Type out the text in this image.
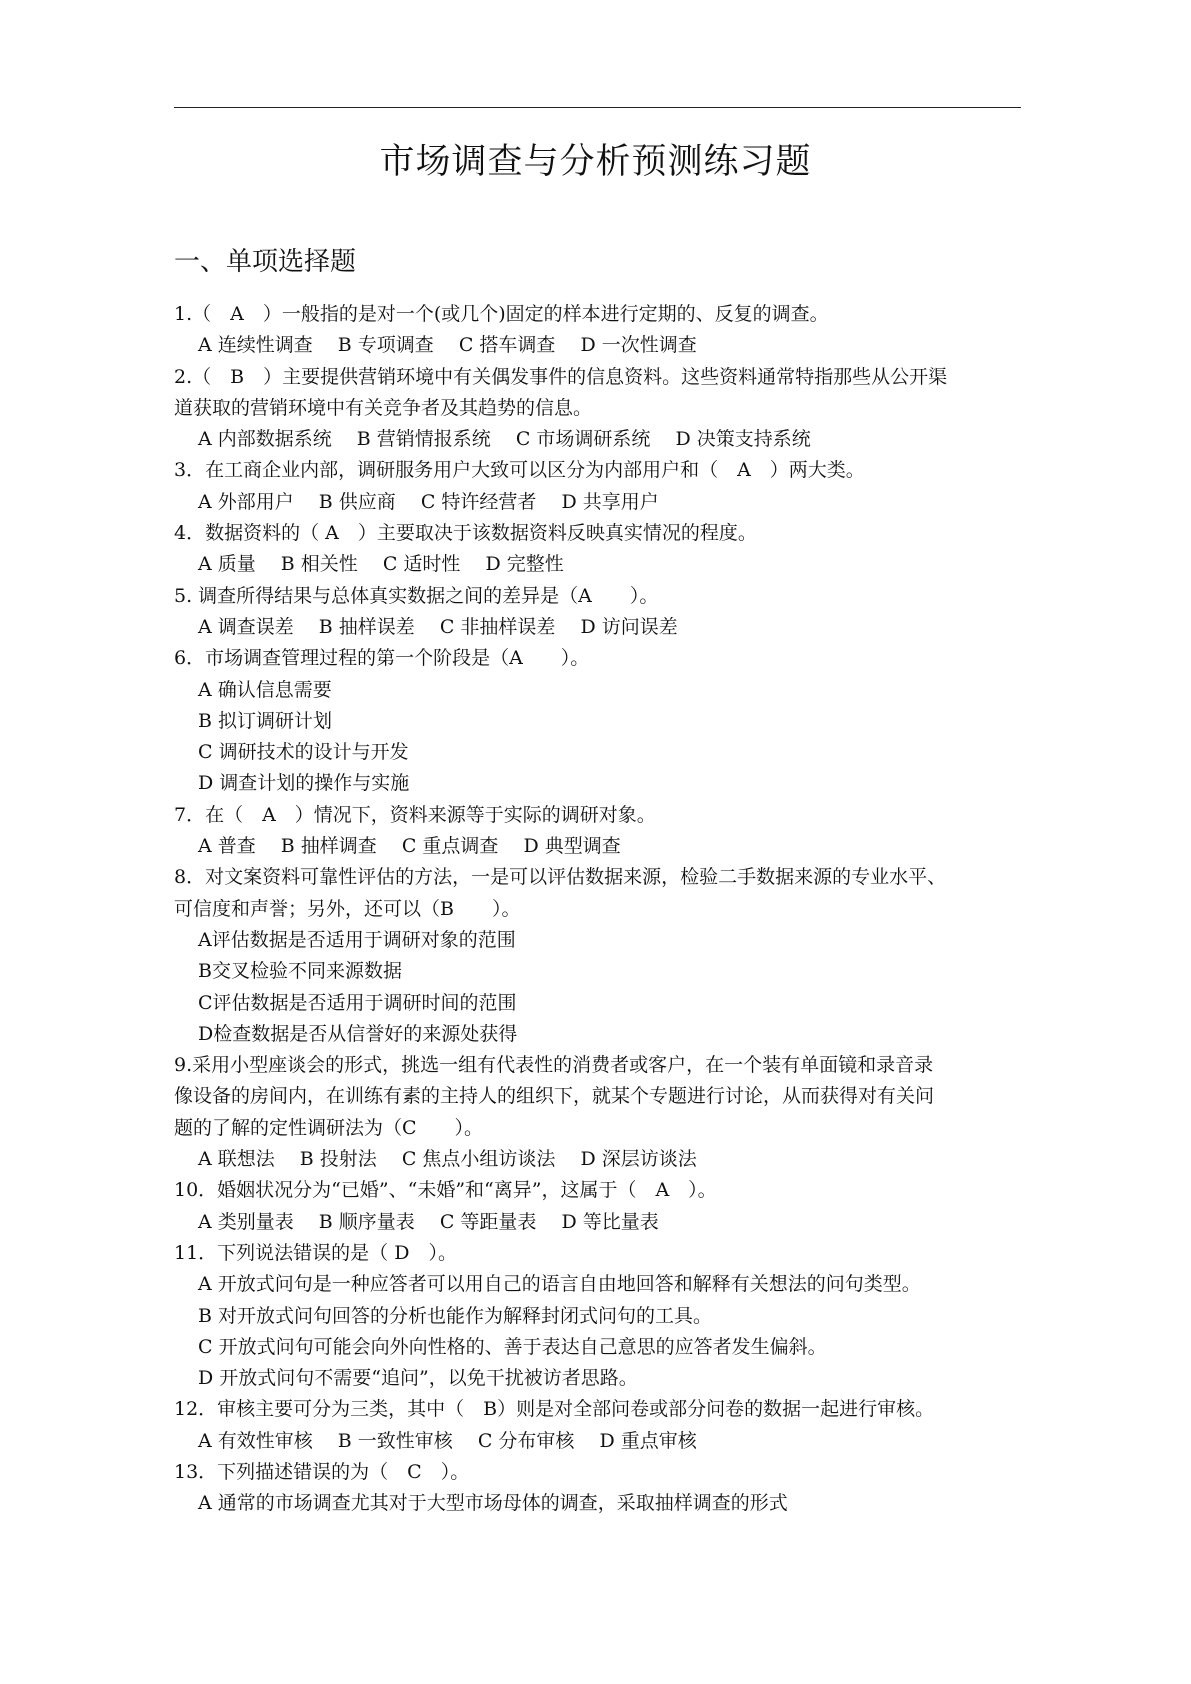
市场调查与分析预测练习题
一、单项选择题
1.（　A　）一般指的是对一个(或几个)固定的样本进行定期的、反复的调查。
A 连续性调查　 B 专项调查　 C 搭车调查　 D 一次性调查
2.（　B　）主要提供营销环境中有关偶发事件的信息资料。这些资料通常特指那些从公开渠
道获取的营销环境中有关竞争者及其趋势的信息。
A 内部数据系统　 B 营销情报系统　 C 市场调研系统　 D 决策支持系统
3．在工商企业内部，调研服务用户大致可以区分为内部用户和（　A　）两大类。
A 外部用户　 B 供应商　 C 特许经营者　 D 共享用户
4．数据资料的（ A　）主要取决于该数据资料反映真实情况的程度。
A 质量　 B 相关性　 C 适时性　 D 完整性
5. 调查所得结果与总体真实数据之间的差异是（A　　）。
A 调查误差　 B 抽样误差　 C 非抽样误差　 D 访问误差
6．市场调查管理过程的第一个阶段是（A　　）。
A 确认信息需要
B 拟订调研计划
C 调研技术的设计与开发
D 调查计划的操作与实施
7．在（　A　）情况下，资料来源等于实际的调研对象。
A 普查　 B 抽样调查　 C 重点调查　 D 典型调查
8．对文案资料可靠性评估的方法，一是可以评估数据来源，检验二手数据来源的专业水平、
可信度和声誉；另外，还可以（B　　）。
A评估数据是否适用于调研对象的范围
B交叉检验不同来源数据
C评估数据是否适用于调研时间的范围
D检查数据是否从信誉好的来源处获得
9.采用小型座谈会的形式，挑选一组有代表性的消费者或客户，在一个装有单面镜和录音录
像设备的房间内，在训练有素的主持人的组织下，就某个专题进行讨论，从而获得对有关问
题的了解的定性调研法为（C　　）。
A 联想法　 B 投射法　 C 焦点小组访谈法　 D 深层访谈法
10．婚姻状况分为“已婚”、“未婚”和“离异”，这属于（　A　）。
A 类别量表　 B 顺序量表　 C 等距量表　 D 等比量表
11．下列说法错误的是（ D　）。
A 开放式问句是一种应答者可以用自己的语言自由地回答和解释有关想法的问句类型。
B 对开放式问句回答的分析也能作为解释封闭式问句的工具。
C 开放式问句可能会向外向性格的、善于表达自己意思的应答者发生偏斜。
D 开放式问句不需要“追问”，以免干扰被访者思路。
12．审核主要可分为三类，其中（　B）则是对全部问卷或部分问卷的数据一起进行审核。
A 有效性审核　 B 一致性审核　 C 分布审核　 D 重点审核
13．下列描述错误的为（　C　）。
A 通常的市场调查尤其对于大型市场母体的调查，采取抽样调查的形式
